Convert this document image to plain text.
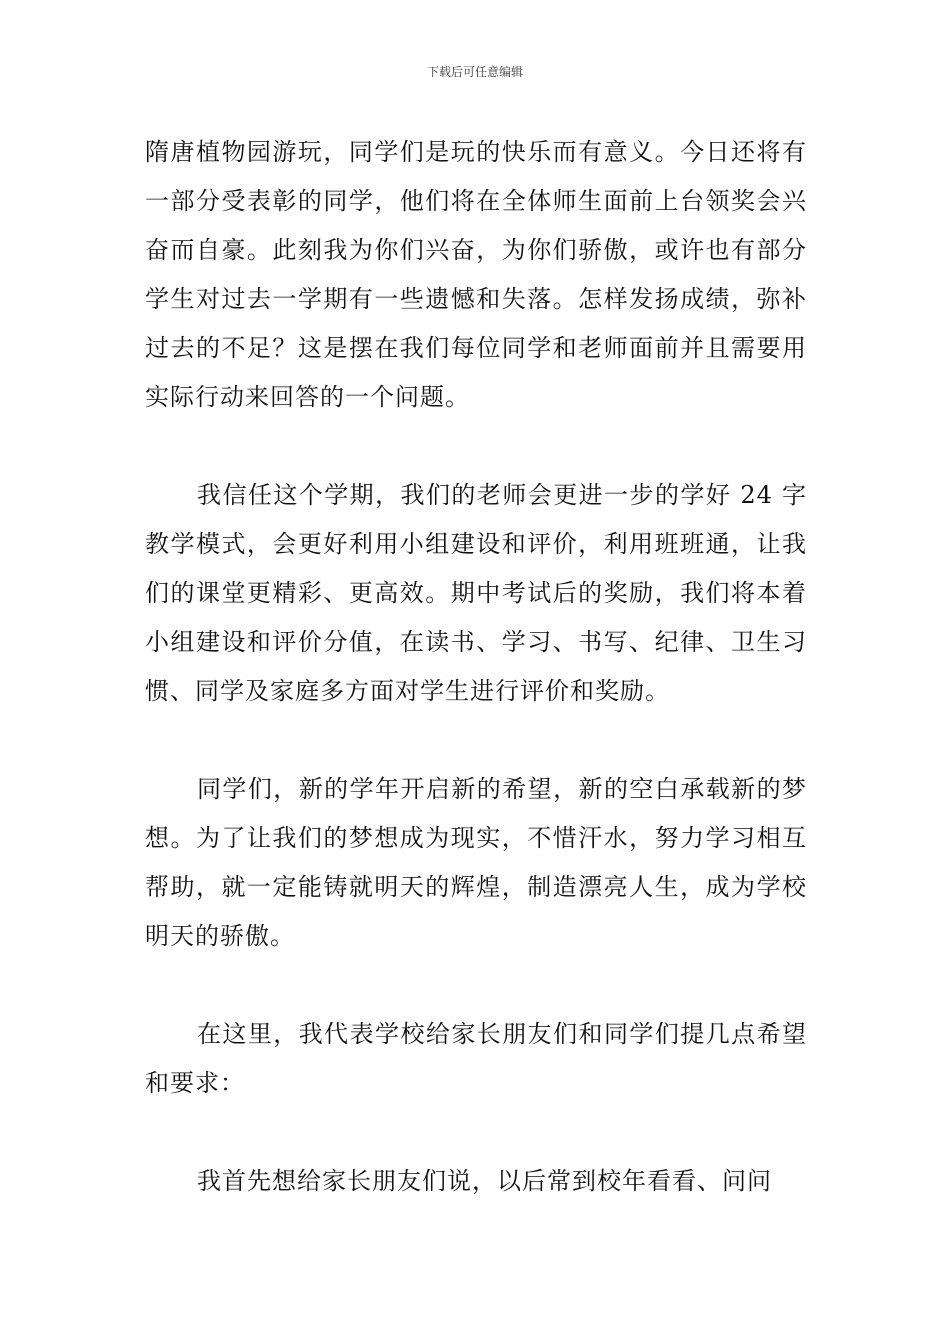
下载后可任意编辑

隋唐植物园游玩，同学们是玩的快乐而有意义。今日还将有一部分受表彰的同学，他们将在全体师生面前上台领奖会兴奋而自豪。此刻我为你们兴奋，为你们骄傲，或许也有部分学生对过去一学期有一些遗憾和失落。怎样发扬成绩，弥补过去的不足？这是摆在我们每位同学和老师面前并且需要用实际行动来回答的一个问题。

我信任这个学期，我们的老师会更进一步的学好 24 字教学模式，会更好利用小组建设和评价，利用班班通，让我们的课堂更精彩、更高效。期中考试后的奖励，我们将本着小组建设和评价分值，在读书、学习、书写、纪律、卫生习惯、同学及家庭多方面对学生进行评价和奖励。

同学们，新的学年开启新的希望，新的空白承载新的梦想。为了让我们的梦想成为现实，不惜汗水，努力学习相互帮助，就一定能铸就明天的辉煌，制造漂亮人生，成为学校明天的骄傲。

在这里，我代表学校给家长朋友们和同学们提几点希望和要求：

我首先想给家长朋友们说，以后常到校年看看、问问
